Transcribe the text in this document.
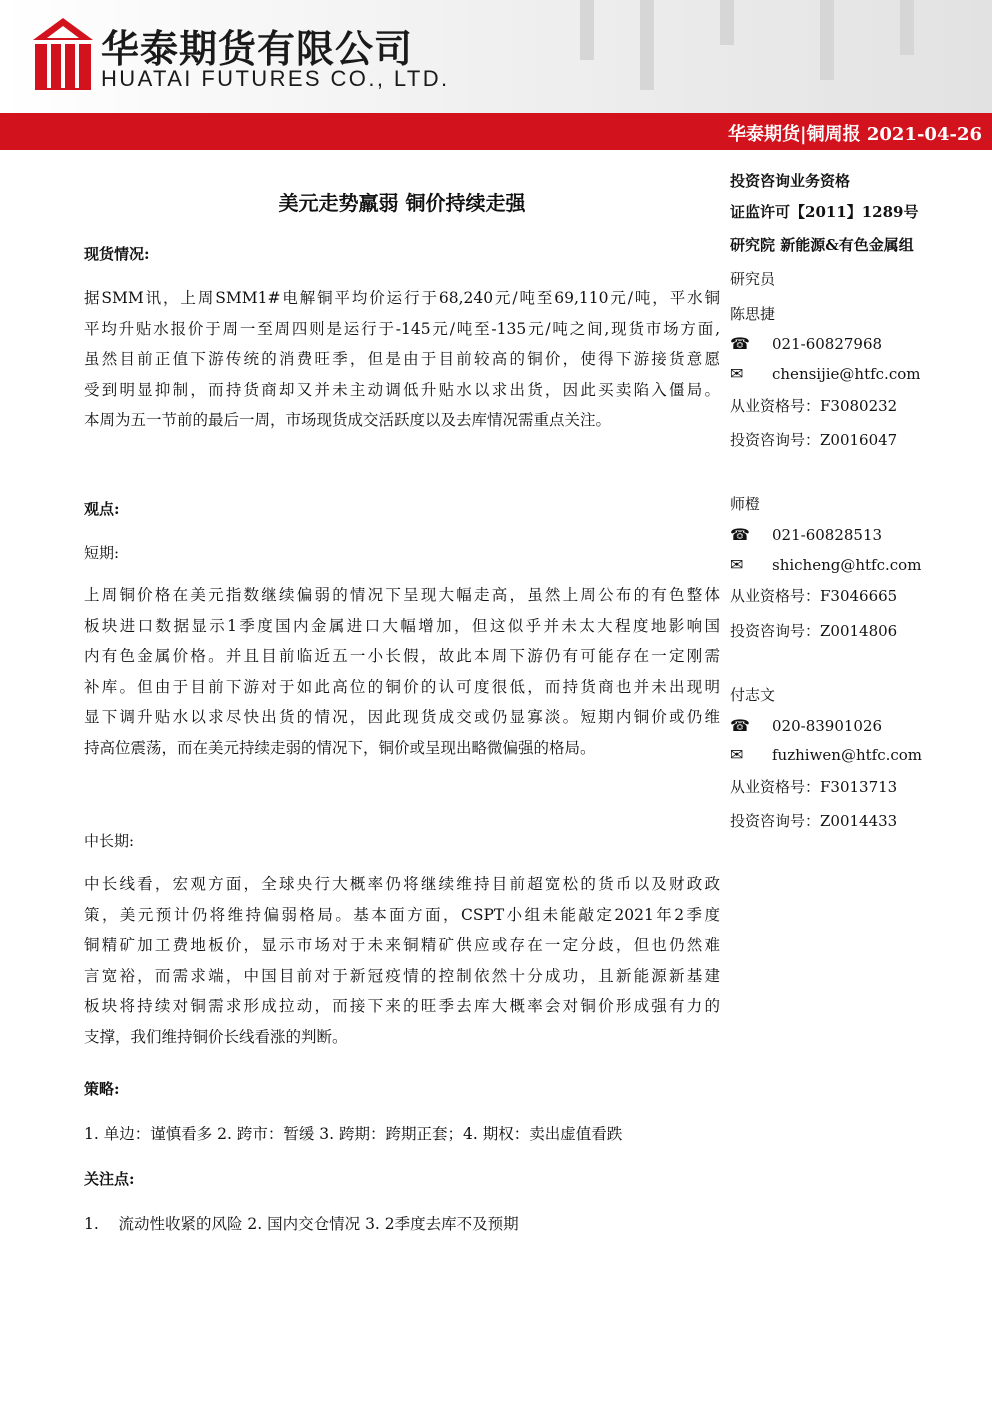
华泰期货有限公司
HUATAI FUTURES CO., LTD.
华泰期货|铜周报 2021-04-26
美元走势羸弱 铜价持续走强
现货情况:
据SMM讯，上周SMM1#电解铜平均价运行于68,240元/吨至69,110元/吨，平水铜
平均升贴水报价于周一至周四则是运行于-145元/吨至-135元/吨之间,现货市场方面,
虽然目前正值下游传统的消费旺季，但是由于目前较高的铜价，使得下游接货意愿
受到明显抑制，而持货商却又并未主动调低升贴水以求出货，因此买卖陷入僵局。
本周为五一节前的最后一周，市场现货成交活跃度以及去库情况需重点关注。
观点:
短期:
上周铜价格在美元指数继续偏弱的情况下呈现大幅走高，虽然上周公布的有色整体
板块进口数据显示1季度国内金属进口大幅增加，但这似乎并未太大程度地影响国
内有色金属价格。并且目前临近五一小长假，故此本周下游仍有可能存在一定刚需
补库。但由于目前下游对于如此高位的铜价的认可度很低，而持货商也并未出现明
显下调升贴水以求尽快出货的情况，因此现货成交或仍显寡淡。短期内铜价或仍维
持高位震荡，而在美元持续走弱的情况下，铜价或呈现出略微偏强的格局。
中长期:
中长线看，宏观方面，全球央行大概率仍将继续维持目前超宽松的货币以及财政政
策，美元预计仍将维持偏弱格局。基本面方面，CSPT小组未能敲定2021年2季度
铜精矿加工费地板价，显示市场对于未来铜精矿供应或存在一定分歧，但也仍然难
言宽裕，而需求端，中国目前对于新冠疫情的控制依然十分成功，且新能源新基建
板块将持续对铜需求形成拉动，而接下来的旺季去库大概率会对铜价形成强有力的
支撑，我们维持铜价长线看涨的判断。
策略:
1. 单边：谨慎看多 2. 跨市：暂缓 3. 跨期：跨期正套；4. 期权：卖出虚值看跌
关注点:
1.    流动性收紧的风险 2. 国内交仓情况 3. 2季度去库不及预期
投资咨询业务资格
证监许可【2011】1289号
研究院 新能源&有色金属组
研究员
陈思捷
☎ 021-60827968
✉ chensijie@htfc.com
从业资格号：F3080232
投资咨询号：Z0016047
师橙
☎ 021-60828513
✉ shicheng@htfc.com
从业资格号：F3046665
投资咨询号：Z0014806
付志文
☎ 020-83901026
✉ fuzhiwen@htfc.com
从业资格号：F3013713
投资咨询号：Z0014433
